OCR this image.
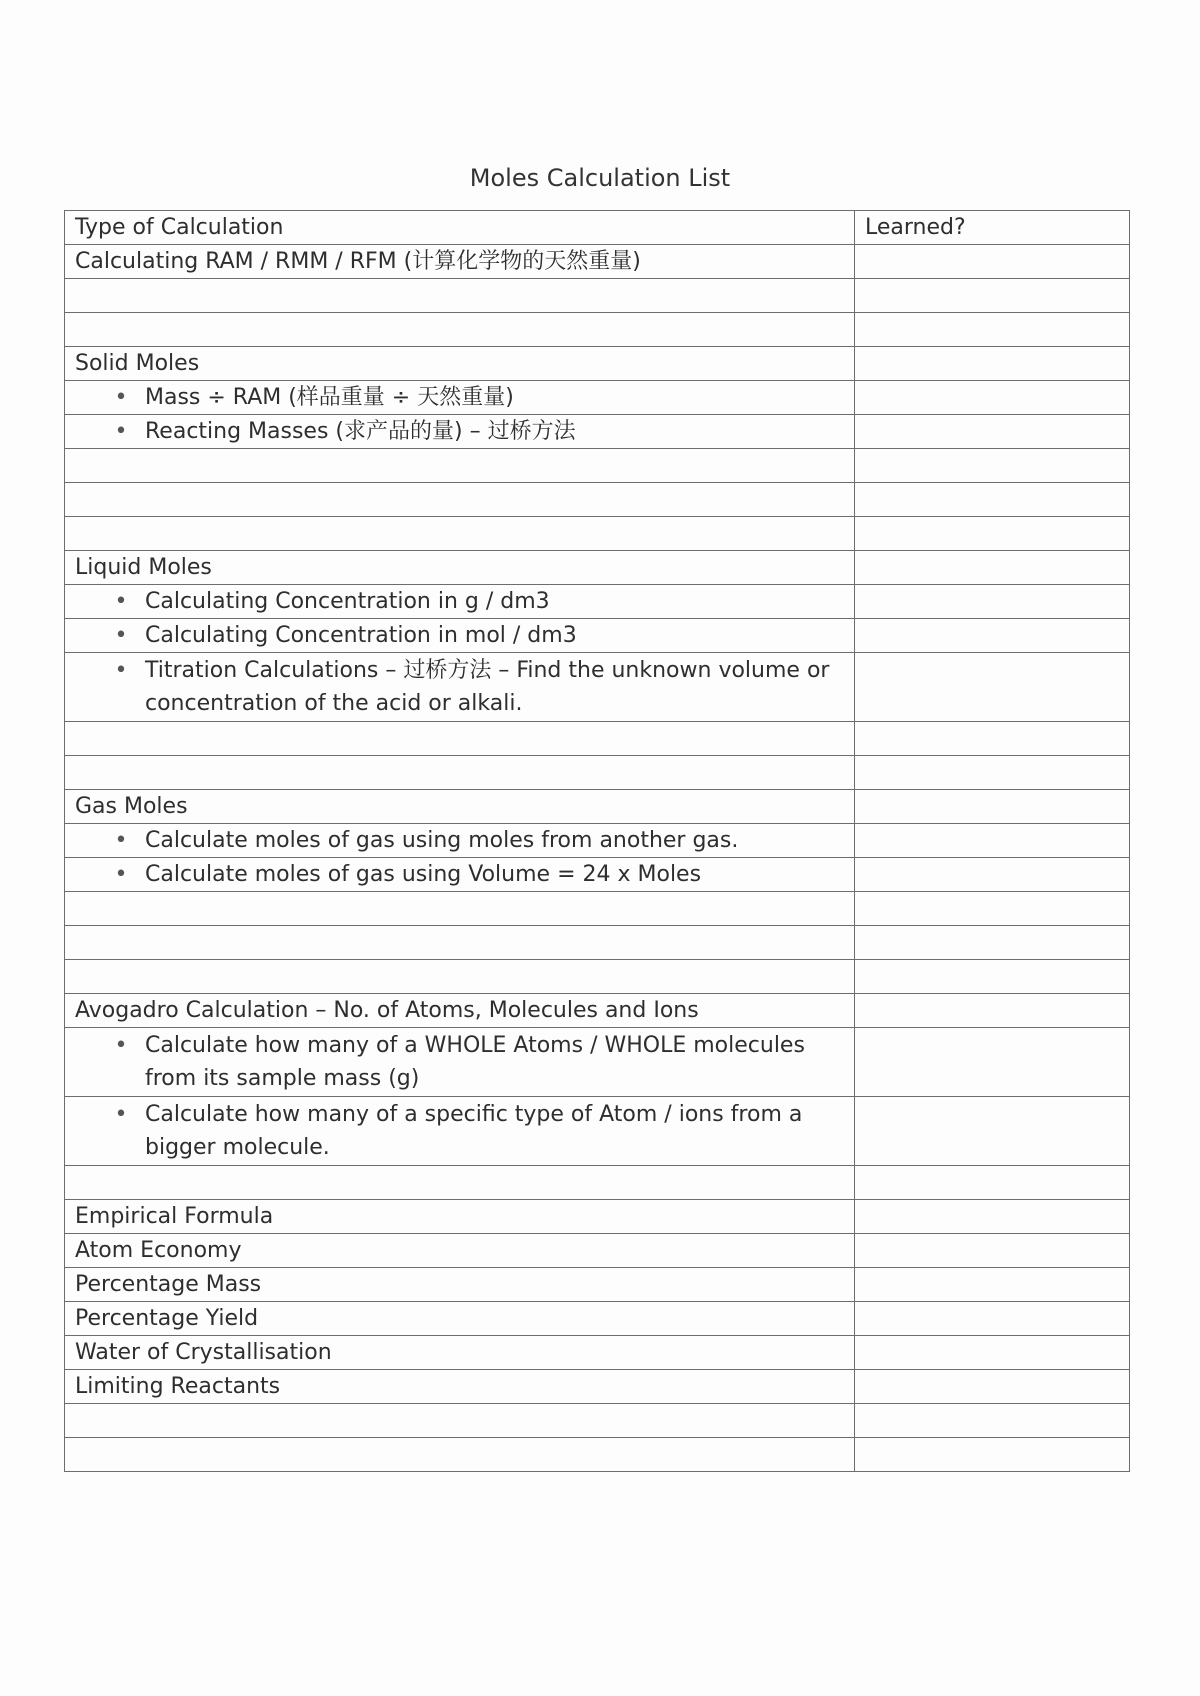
Moles Calculation List
Type of Calculation	Learned?
Calculating RAM / RMM / RFM (计算化学物的天然重量)	

Solid Moles	

• Mass ÷ RAM (样品重量 ÷ 天然重量)	

• Reacting Masses (求产品的量) – 过桥方法	

Liquid Moles	

• Calculating Concentration in g / dm3	

• Calculating Concentration in mol / dm3	

• Titration Calculations – 过桥方法 – Find the unknown volume or concentration of the acid or alkali.	

Gas Moles	

• Calculate moles of gas using moles from another gas.	

• Calculate moles of gas using Volume = 24 x Moles	

Avogadro Calculation – No. of Atoms, Molecules and Ions	

• Calculate how many of a WHOLE Atoms / WHOLE molecules from its sample mass (g)	

• Calculate how many of a specific type of Atom / ions from a bigger molecule.	

Empirical Formula	
Atom Economy	
Percentage Mass	
Percentage Yield	
Water of Crystallisation	
Limiting Reactants	
